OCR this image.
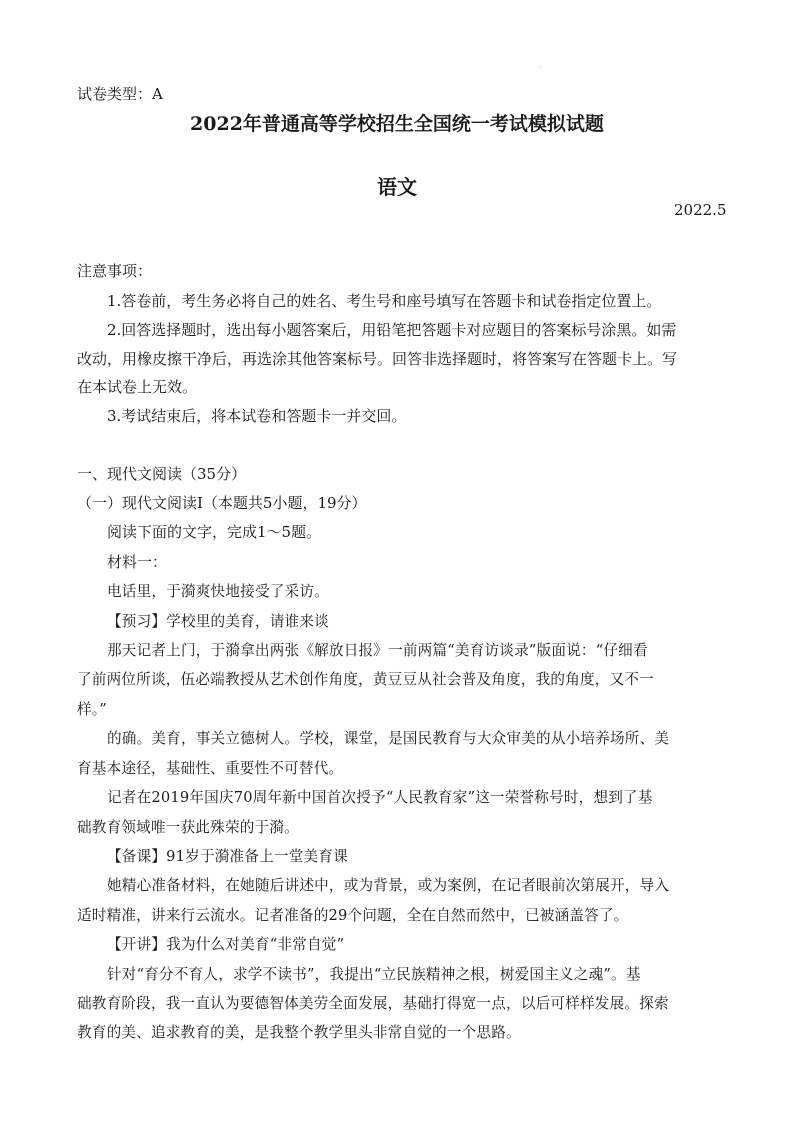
'
试卷类型：A
2022年普通高等学校招生全国统一考试模拟试题
语文
2022.5
注意事项：
1.答卷前，考生务必将自己的姓名、考生号和座号填写在答题卡和试卷指定位置上。
2.回答选择题时，选出每小题答案后，用铅笔把答题卡对应题目的答案标号涂黑。如需
改动，用橡皮擦干净后，再选涂其他答案标号。回答非选择题时，将答案写在答题卡上。写
在本试卷上无效。
3.考试结束后，将本试卷和答题卡一并交回。
一、现代文阅读（35分）
（一）现代文阅读Ⅰ（本题共5小题，19分）
阅读下面的文字，完成1～5题。
材料一：
电话里，于漪爽快地接受了采访。
【预习】学校里的美育，请谁来谈
那天记者上门，于漪拿出两张《解放日报》一前两篇“美育访谈录”版面说：“仔细看
了前两位所谈，伍必端教授从艺术创作角度，黄豆豆从社会普及角度，我的角度，又不一
样。”
的确。美育，事关立德树人。学校，课堂，是国民教育与大众审美的从小培养场所、美
育基本途径，基础性、重要性不可替代。
记者在2019年国庆70周年新中国首次授予“人民教育家”这一荣誉称号时，想到了基
础教育领域唯一获此殊荣的于漪。
【备课】91岁于漪准备上一堂美育课
她精心准备材料，在她随后讲述中，或为背景，或为案例，在记者眼前次第展开，导入
适时精准，讲来行云流水。记者准备的29个问题，全在自然而然中，已被涵盖答了。
【开讲】我为什么对美育“非常自觉”
针对“育分不育人，求学不读书”，我提出“立民族精神之根，树爱国主义之魂”。基
础教育阶段，我一直认为要德智体美劳全面发展，基础打得宽一点，以后可样样发展。探索
教育的美、追求教育的美，是我整个教学里头非常自觉的一个思路。
